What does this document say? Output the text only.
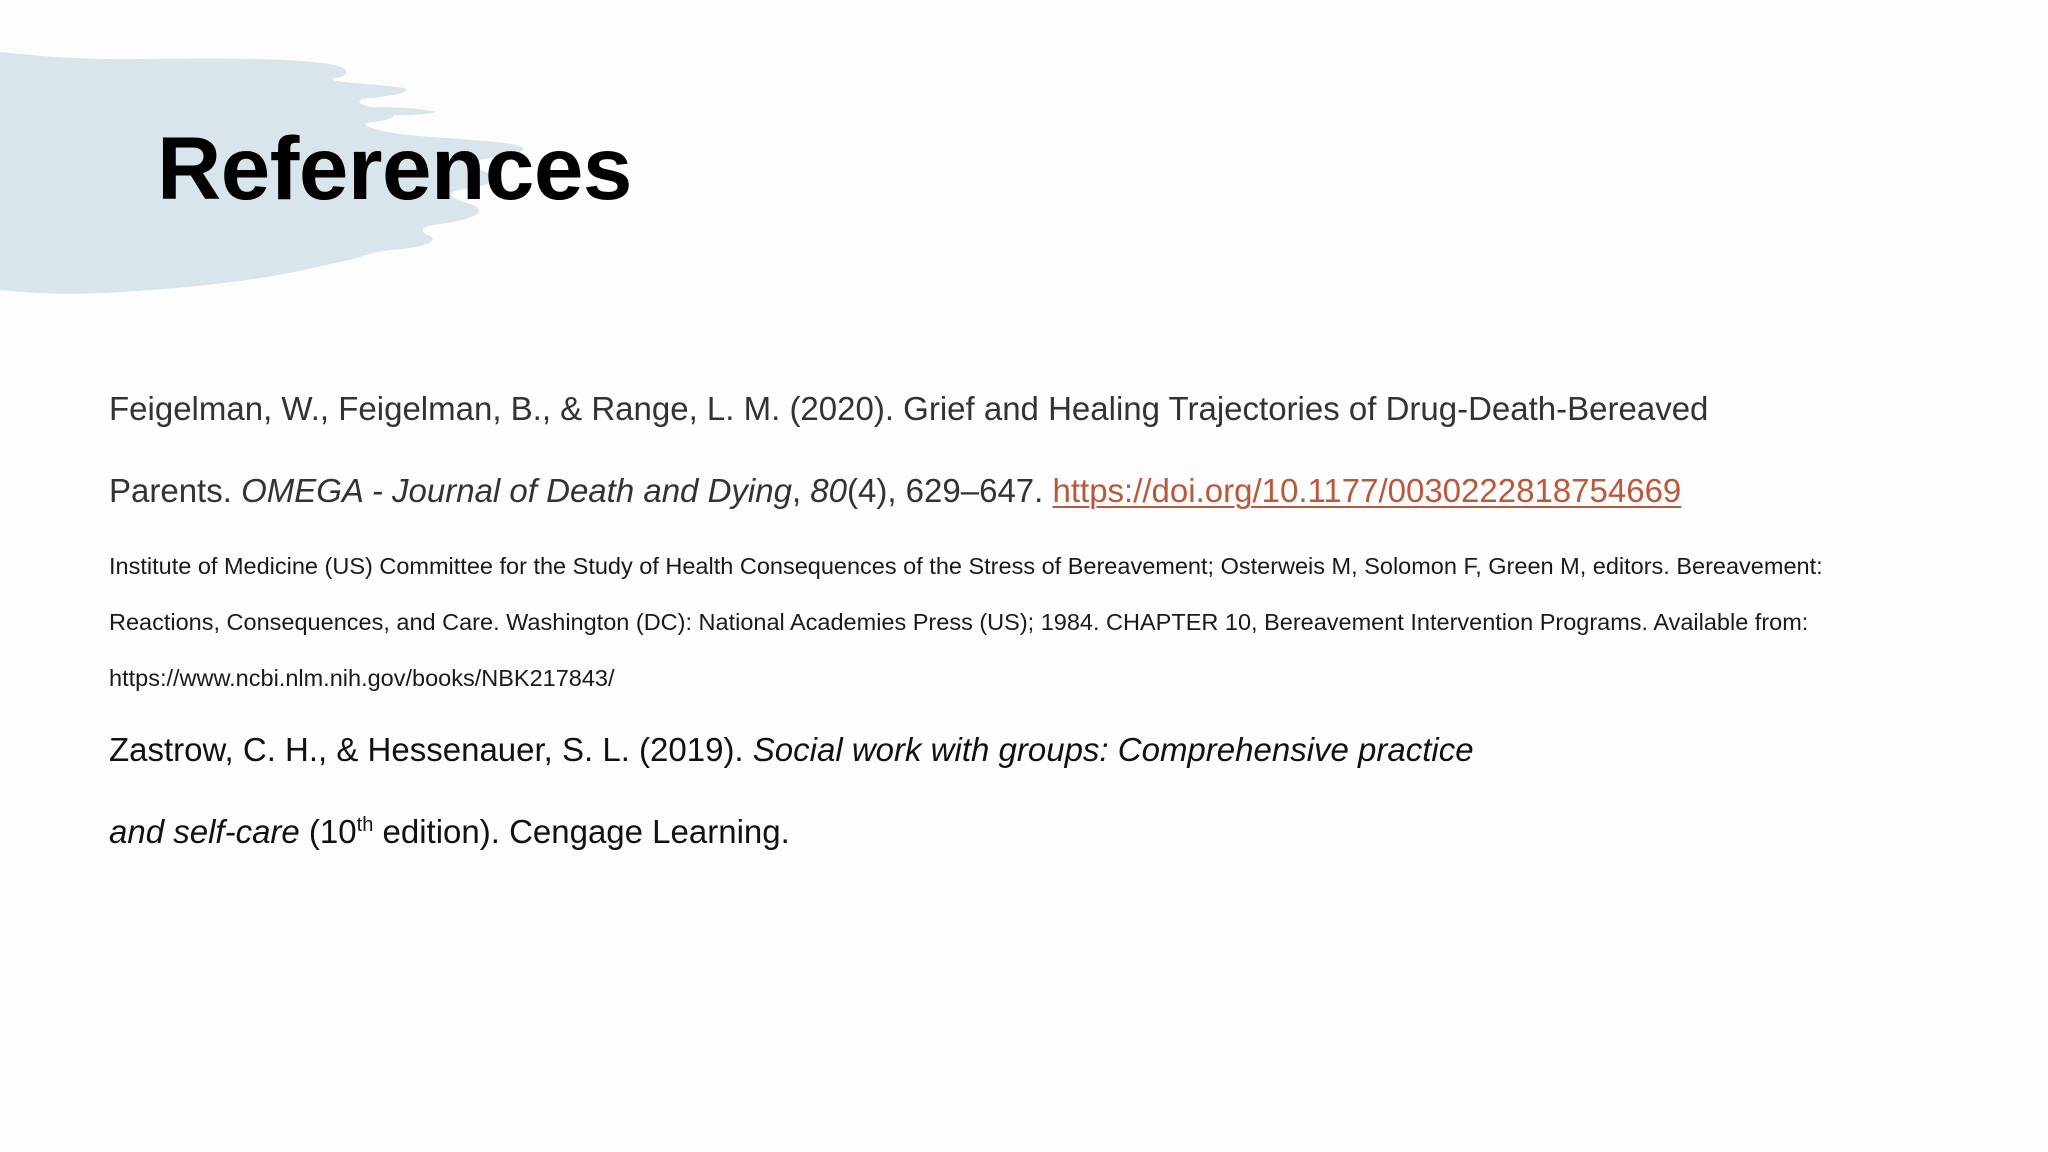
References
Feigelman, W., Feigelman, B., & Range, L. M. (2020). Grief and Healing Trajectories of Drug-Death-Bereaved
Parents. OMEGA - Journal of Death and Dying, 80(4), 629–647. https://doi.org/10.1177/0030222818754669
Institute of Medicine (US) Committee for the Study of Health Consequences of the Stress of Bereavement; Osterweis M, Solomon F, Green M, editors. Bereavement:
Reactions, Consequences, and Care. Washington (DC): National Academies Press (US); 1984. CHAPTER 10, Bereavement Intervention Programs. Available from:
https://www.ncbi.nlm.nih.gov/books/NBK217843/
Zastrow, C. H., & Hessenauer, S. L. (2019). Social work with groups: Comprehensive practice
and self-care (10th edition). Cengage Learning.
